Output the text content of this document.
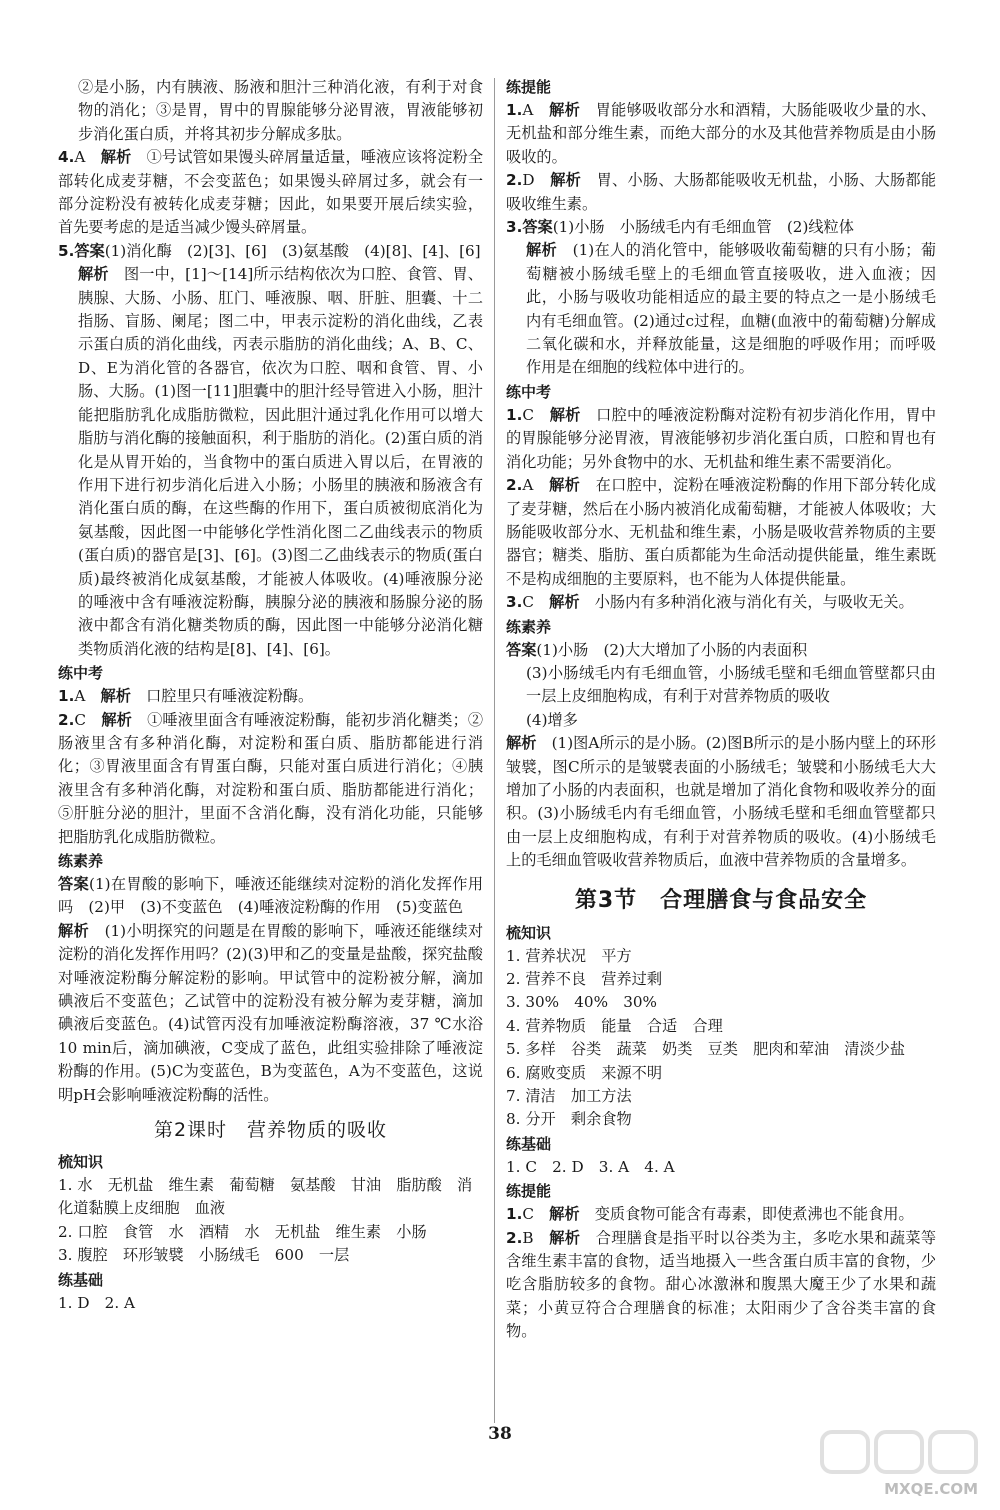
②是小肠，内有胰液、肠液和胆汁三种消化液，有利于对食物的消化；③是胃，胃中的胃腺能够分泌胃液，胃液能够初步消化蛋白质，并将其初步分解成多肽。

4.A　 解析　 ①号试管如果馒头碎屑量适量，唾液应该将淀粉全部转化成麦芽糖，不会变蓝色；如果馒头碎屑过多，就会有一部分淀粉没有被转化成麦芽糖；因此，如果要开展后续实验，首先要考虑的是适当减少馒头碎屑量。

5.答案(1)消化酶　(2)[3]、[6]　(3)氨基酸　(4)[8]、[4]、[6]

解析　 图一中，[1]～[14]所示结构依次为口腔、食管、胃、胰腺、大肠、小肠、肛门、唾液腺、咽、肝脏、胆囊、十二指肠、盲肠、阑尾；图二中，甲表示淀粉的消化曲线，乙表示蛋白质的消化曲线，丙表示脂肪的消化曲线；A、B、C、D、E为消化管的各器官，依次为口腔、咽和食管、胃、小肠、大肠。(1)图一[11]胆囊中的胆汁经导管进入小肠，胆汁能把脂肪乳化成脂肪微粒，因此胆汁通过乳化作用可以增大脂肪与消化酶的接触面积，利于脂肪的消化。(2)蛋白质的消化是从胃开始的，当食物中的蛋白质进入胃以后，在胃液的作用下进行初步消化后进入小肠；小肠里的胰液和肠液含有消化蛋白质的酶，在这些酶的作用下，蛋白质被彻底消化为氨基酸，因此图一中能够化学性消化图二乙曲线表示的物质(蛋白质)的器官是[3]、[6]。(3)图二乙曲线表示的物质(蛋白质)最终被消化成氨基酸，才能被人体吸收。(4)唾液腺分泌的唾液中含有唾液淀粉酶，胰腺分泌的胰液和肠腺分泌的肠液中都含有消化糖类物质的酶，因此图一中能够分泌消化糖类物质消化液的结构是[8]、[4]、[6]。

练中考

1.A　 解析　 口腔里只有唾液淀粉酶。

2.C　 解析　 ①唾液里面含有唾液淀粉酶，能初步消化糖类；②肠液里含有多种消化酶，对淀粉和蛋白质、脂肪都能进行消化；③胃液里面含有胃蛋白酶，只能对蛋白质进行消化；④胰液里含有多种消化酶，对淀粉和蛋白质、脂肪都能进行消化；⑤肝脏分泌的胆汁，里面不含消化酶，没有消化功能，只能够把脂肪乳化成脂肪微粒。

练素养

答案(1)在胃酸的影响下，唾液还能继续对淀粉的消化发挥作用吗　(2)甲　(3)不变蓝色　(4)唾液淀粉酶的作用　(5)变蓝色

解析　 (1)小明探究的问题是在胃酸的影响下，唾液还能继续对淀粉的消化发挥作用吗？(2)(3)甲和乙的变量是盐酸，探究盐酸对唾液淀粉酶分解淀粉的影响。甲试管中的淀粉被分解，滴加碘液后不变蓝色；乙试管中的淀粉没有被分解为麦芽糖，滴加碘液后变蓝色。(4)试管丙没有加唾液淀粉酶溶液，37 ℃水浴10 min后，滴加碘液，C变成了蓝色，此组实验排除了唾液淀粉酶的作用。(5)C为变蓝色，B为变蓝色，A为不变蓝色，这说明pH会影响唾液淀粉酶的活性。

第2课时　营养物质的吸收

梳知识

1. 水　无机盐　维生素　葡萄糖　氨基酸　甘油　脂肪酸　消化道黏膜上皮细胞　血液

2. 口腔　食管　水　酒精　水　无机盐　维生素　小肠

3. 腹腔　环形皱襞　小肠绒毛　600　一层

练基础

1. D　2. A

练提能

1.A　 解析　 胃能够吸收部分水和酒精，大肠能吸收少量的水、无机盐和部分维生素，而绝大部分的水及其他营养物质是由小肠吸收的。

2.D　 解析　 胃、小肠、大肠都能吸收无机盐，小肠、大肠都能吸收维生素。

3.答案(1)小肠　小肠绒毛内有毛细血管　(2)线粒体

解析　 (1)在人的消化管中，能够吸收葡萄糖的只有小肠；葡萄糖被小肠绒毛壁上的毛细血管直接吸收，进入血液；因此，小肠与吸收功能相适应的最主要的特点之一是小肠绒毛内有毛细血管。(2)通过c过程，血糖(血液中的葡萄糖)分解成二氧化碳和水，并释放能量，这是细胞的呼吸作用；而呼吸作用是在细胞的线粒体中进行的。

练中考

1.C　 解析　 口腔中的唾液淀粉酶对淀粉有初步消化作用，胃中的胃腺能够分泌胃液，胃液能够初步消化蛋白质，口腔和胃也有消化功能；另外食物中的水、无机盐和维生素不需要消化。

2.A　 解析　 在口腔中，淀粉在唾液淀粉酶的作用下部分转化成了麦芽糖，然后在小肠内被消化成葡萄糖，才能被人体吸收；大肠能吸收部分水、无机盐和维生素，小肠是吸收营养物质的主要器官；糖类、脂肪、蛋白质都能为生命活动提供能量，维生素既不是构成细胞的主要原料，也不能为人体提供能量。

3.C　 解析　 小肠内有多种消化液与消化有关，与吸收无关。

练素养

答案(1)小肠　(2)大大增加了小肠的内表面积

(3)小肠绒毛内有毛细血管，小肠绒毛壁和毛细血管壁都只由一层上皮细胞构成，有利于对营养物质的吸收

(4)增多

解析　 (1)图A所示的是小肠。(2)图B所示的是小肠内壁上的环形皱襞，图C所示的是皱襞表面的小肠绒毛；皱襞和小肠绒毛大大增加了小肠的内表面积，也就是增加了消化食物和吸收养分的面积。(3)小肠绒毛内有毛细血管，小肠绒毛壁和毛细血管壁都只由一层上皮细胞构成，有利于对营养物质的吸收。(4)小肠绒毛上的毛细血管吸收营养物质后，血液中营养物质的含量增多。

第3节　合理膳食与食品安全

梳知识

1. 营养状况　平方

2. 营养不良　营养过剩

3. 30%　40%　30%

4. 营养物质　能量　合适　合理

5. 多样　谷类　蔬菜　奶类　豆类　肥肉和荤油　清淡少盐

6. 腐败变质　来源不明

7. 清洁　加工方法

8. 分开　剩余食物

练基础

1. C　2. D　3. A　4. A

练提能

1.C　 解析　 变质食物可能含有毒素，即使煮沸也不能食用。

2.B　 解析　 合理膳食是指平时以谷类为主，多吃水果和蔬菜等含维生素丰富的食物，适当地摄入一些含蛋白质丰富的食物，少吃含脂肪较多的食物。甜心冰激淋和腹黑大魔王少了水果和蔬菜；小黄豆符合合理膳食的标准；太阳雨少了含谷类丰富的食物。

38
MXQE.COM
